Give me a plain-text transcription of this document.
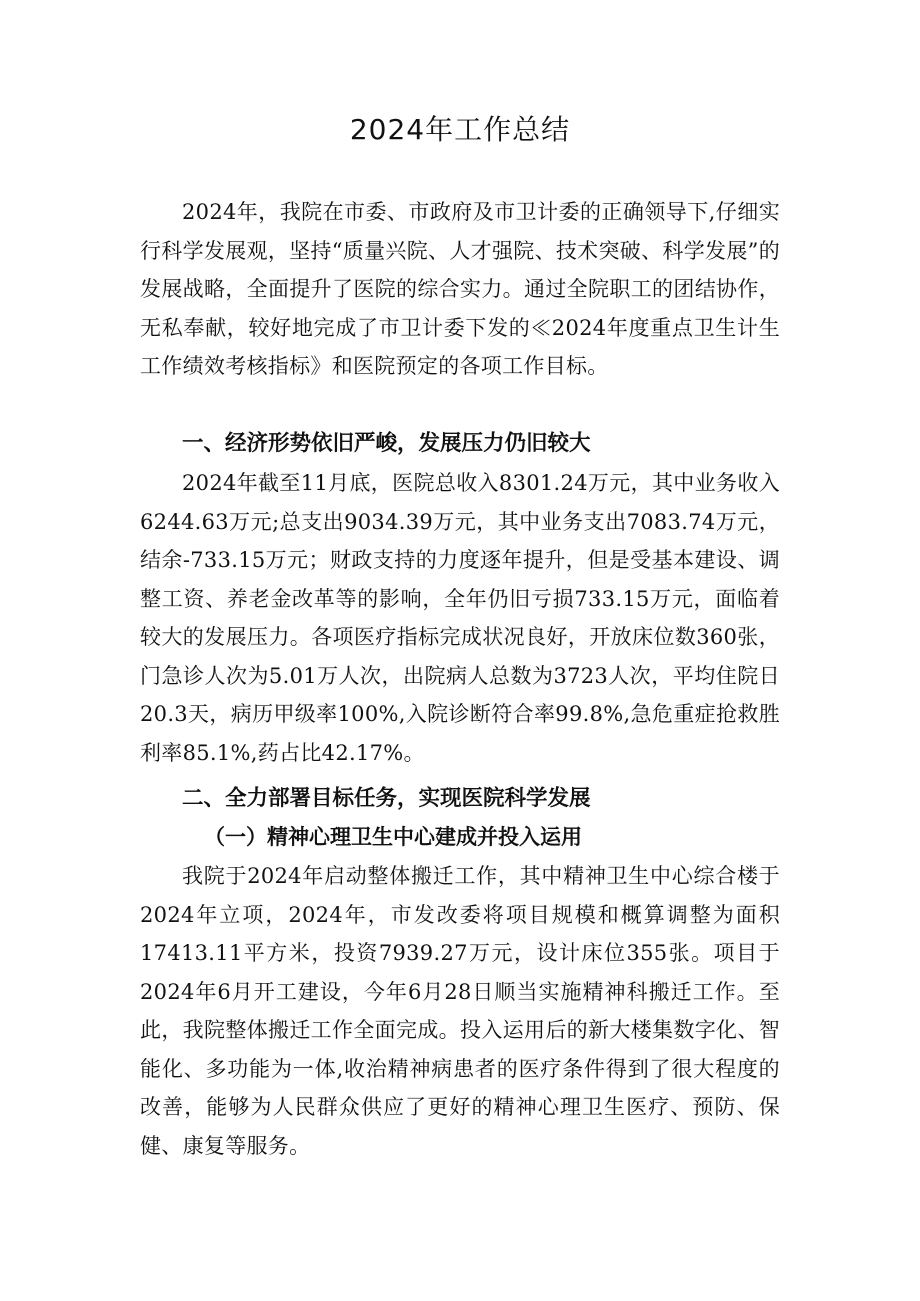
2024年工作总结

2024年，我院在市委、市政府及市卫计委的正确领导下,仔细实行科学发展观，坚持“质量兴院、人才强院、技术突破、科学发展”的发展战略，全面提升了医院的综合实力。通过全院职工的团结协作，无私奉献，较好地完成了市卫计委下发的≪2024年度重点卫生计生工作绩效考核指标》和医院预定的各项工作目标。

一、经济形势依旧严峻，发展压力仍旧较大

2024年截至11月底，医院总收入8301.24万元，其中业务收入6244.63万元;总支出9034.39万元，其中业务支出7083.74万元，结余-733.15万元；财政支持的力度逐年提升，但是受基本建设、调整工资、养老金改革等的影响，全年仍旧亏损733.15万元，面临着较大的发展压力。各项医疗指标完成状况良好，开放床位数360张，门急诊人次为5.01万人次，出院病人总数为3723人次，平均住院日20.3天，病历甲级率100%,入院诊断符合率99.8%,急危重症抢救胜利率85.1%,药占比42.17%。

二、全力部署目标任务，实现医院科学发展

（一）精神心理卫生中心建成并投入运用

我院于2024年启动整体搬迁工作，其中精神卫生中心综合楼于2024年立项，2024年，市发改委将项目规模和概算调整为面积17413.11平方米，投资7939.27万元，设计床位355张。项目于2024年6月开工建设，今年6月28日顺当实施精神科搬迁工作。至此，我院整体搬迁工作全面完成。投入运用后的新大楼集数字化、智能化、多功能为一体,收治精神病患者的医疗条件得到了很大程度的改善，能够为人民群众供应了更好的精神心理卫生医疗、预防、保健、康复等服务。
